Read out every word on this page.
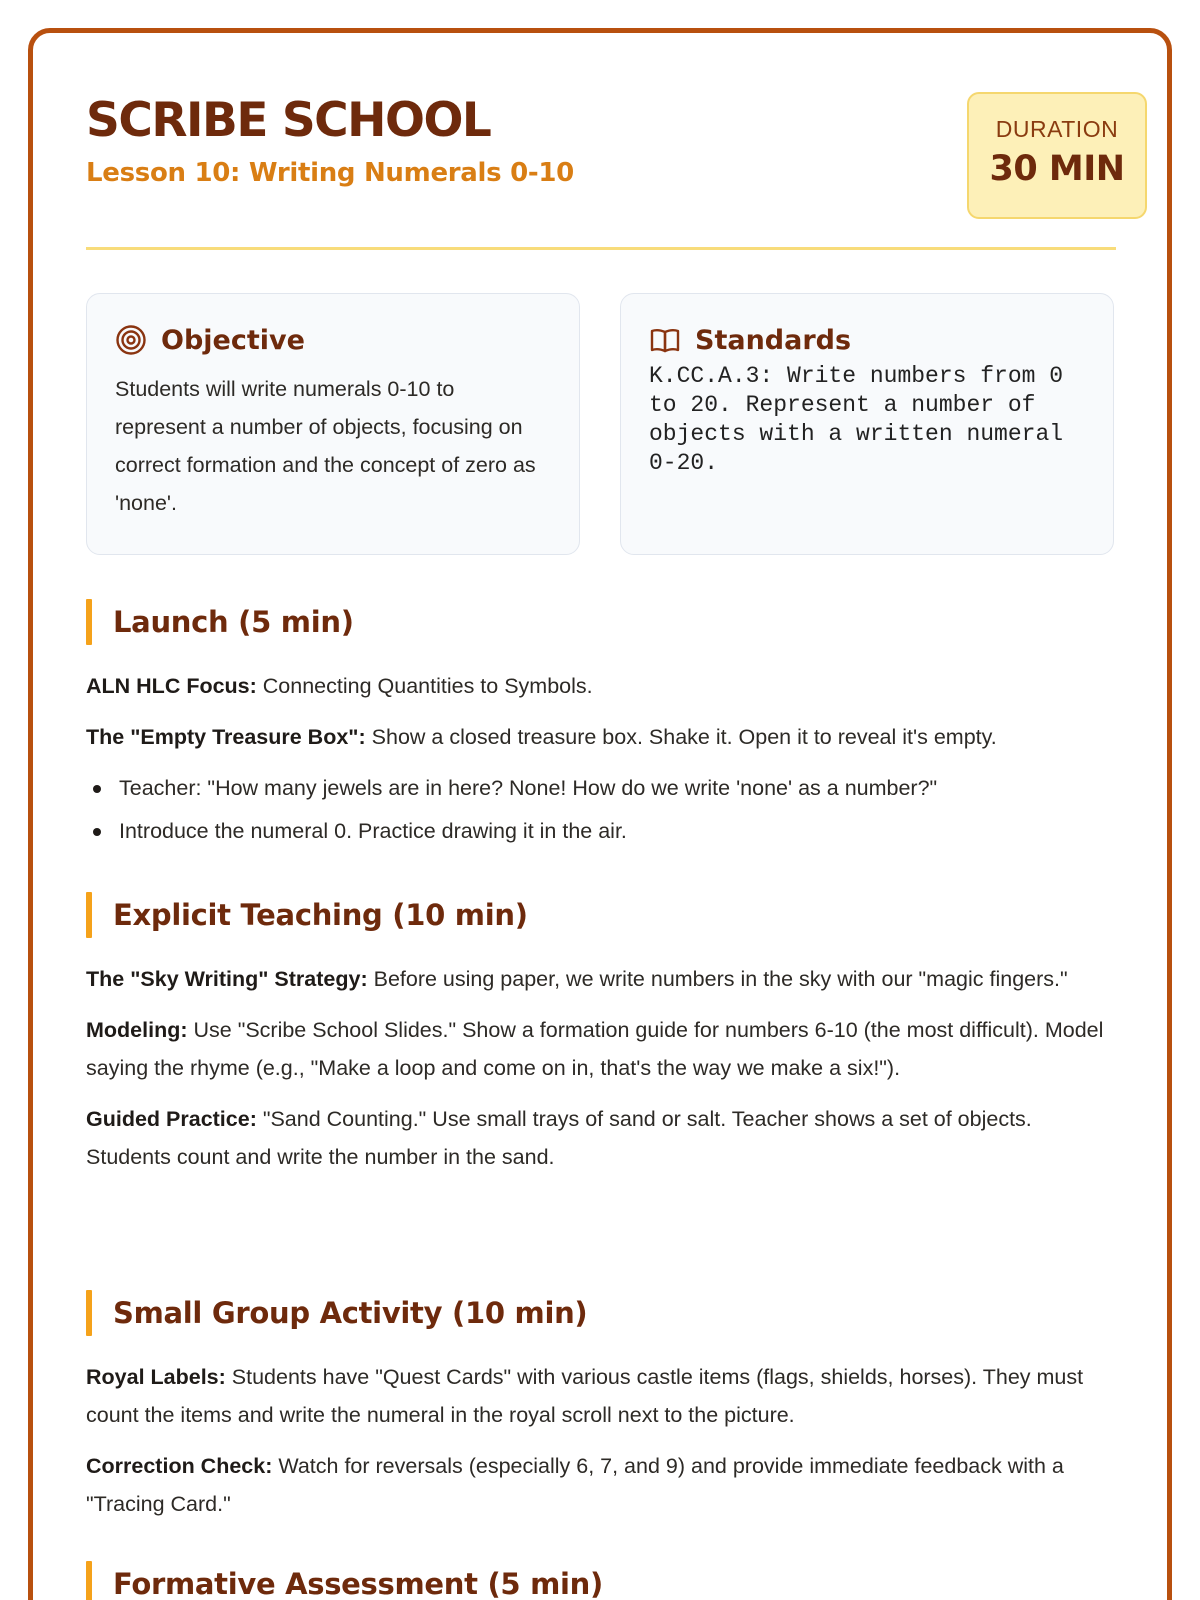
SCRIBE SCHOOL
Lesson 10: Writing Numerals 0-10
DURATION
30 MIN
Objective

Students will write numerals 0-10 to represent a number of objects, focusing on correct formation and the concept of zero as 'none'.

Standards

K.CC.A.3: Write numbers from 0 to 20. Represent a number of objects with a written numeral 0-20.

Launch (5 min)

ALN HLC Focus: Connecting Quantities to Symbols.

The "Empty Treasure Box": Show a closed treasure box. Shake it. Open it to reveal it's empty.

Teacher: "How many jewels are in here? None! How do we write 'none' as a number?"
Introduce the numeral 0. Practice drawing it in the air.
Explicit Teaching (10 min)

The "Sky Writing" Strategy: Before using paper, we write numbers in the sky with our "magic fingers."

Modeling: Use "Scribe School Slides." Show a formation guide for numbers 6-10 (the most difficult). Model saying the rhyme (e.g., "Make a loop and come on in, that's the way we make a six!").

Guided Practice: "Sand Counting." Use small trays of sand or salt. Teacher shows a set of objects. Students count and write the number in the sand.

Small Group Activity (10 min)

Royal Labels: Students have "Quest Cards" with various castle items (flags, shields, horses). They must count the items and write the numeral in the royal scroll next to the picture.

Correction Check: Watch for reversals (especially 6, 7, and 9) and provide immediate feedback with a "Tracing Card."

Formative Assessment (5 min)
